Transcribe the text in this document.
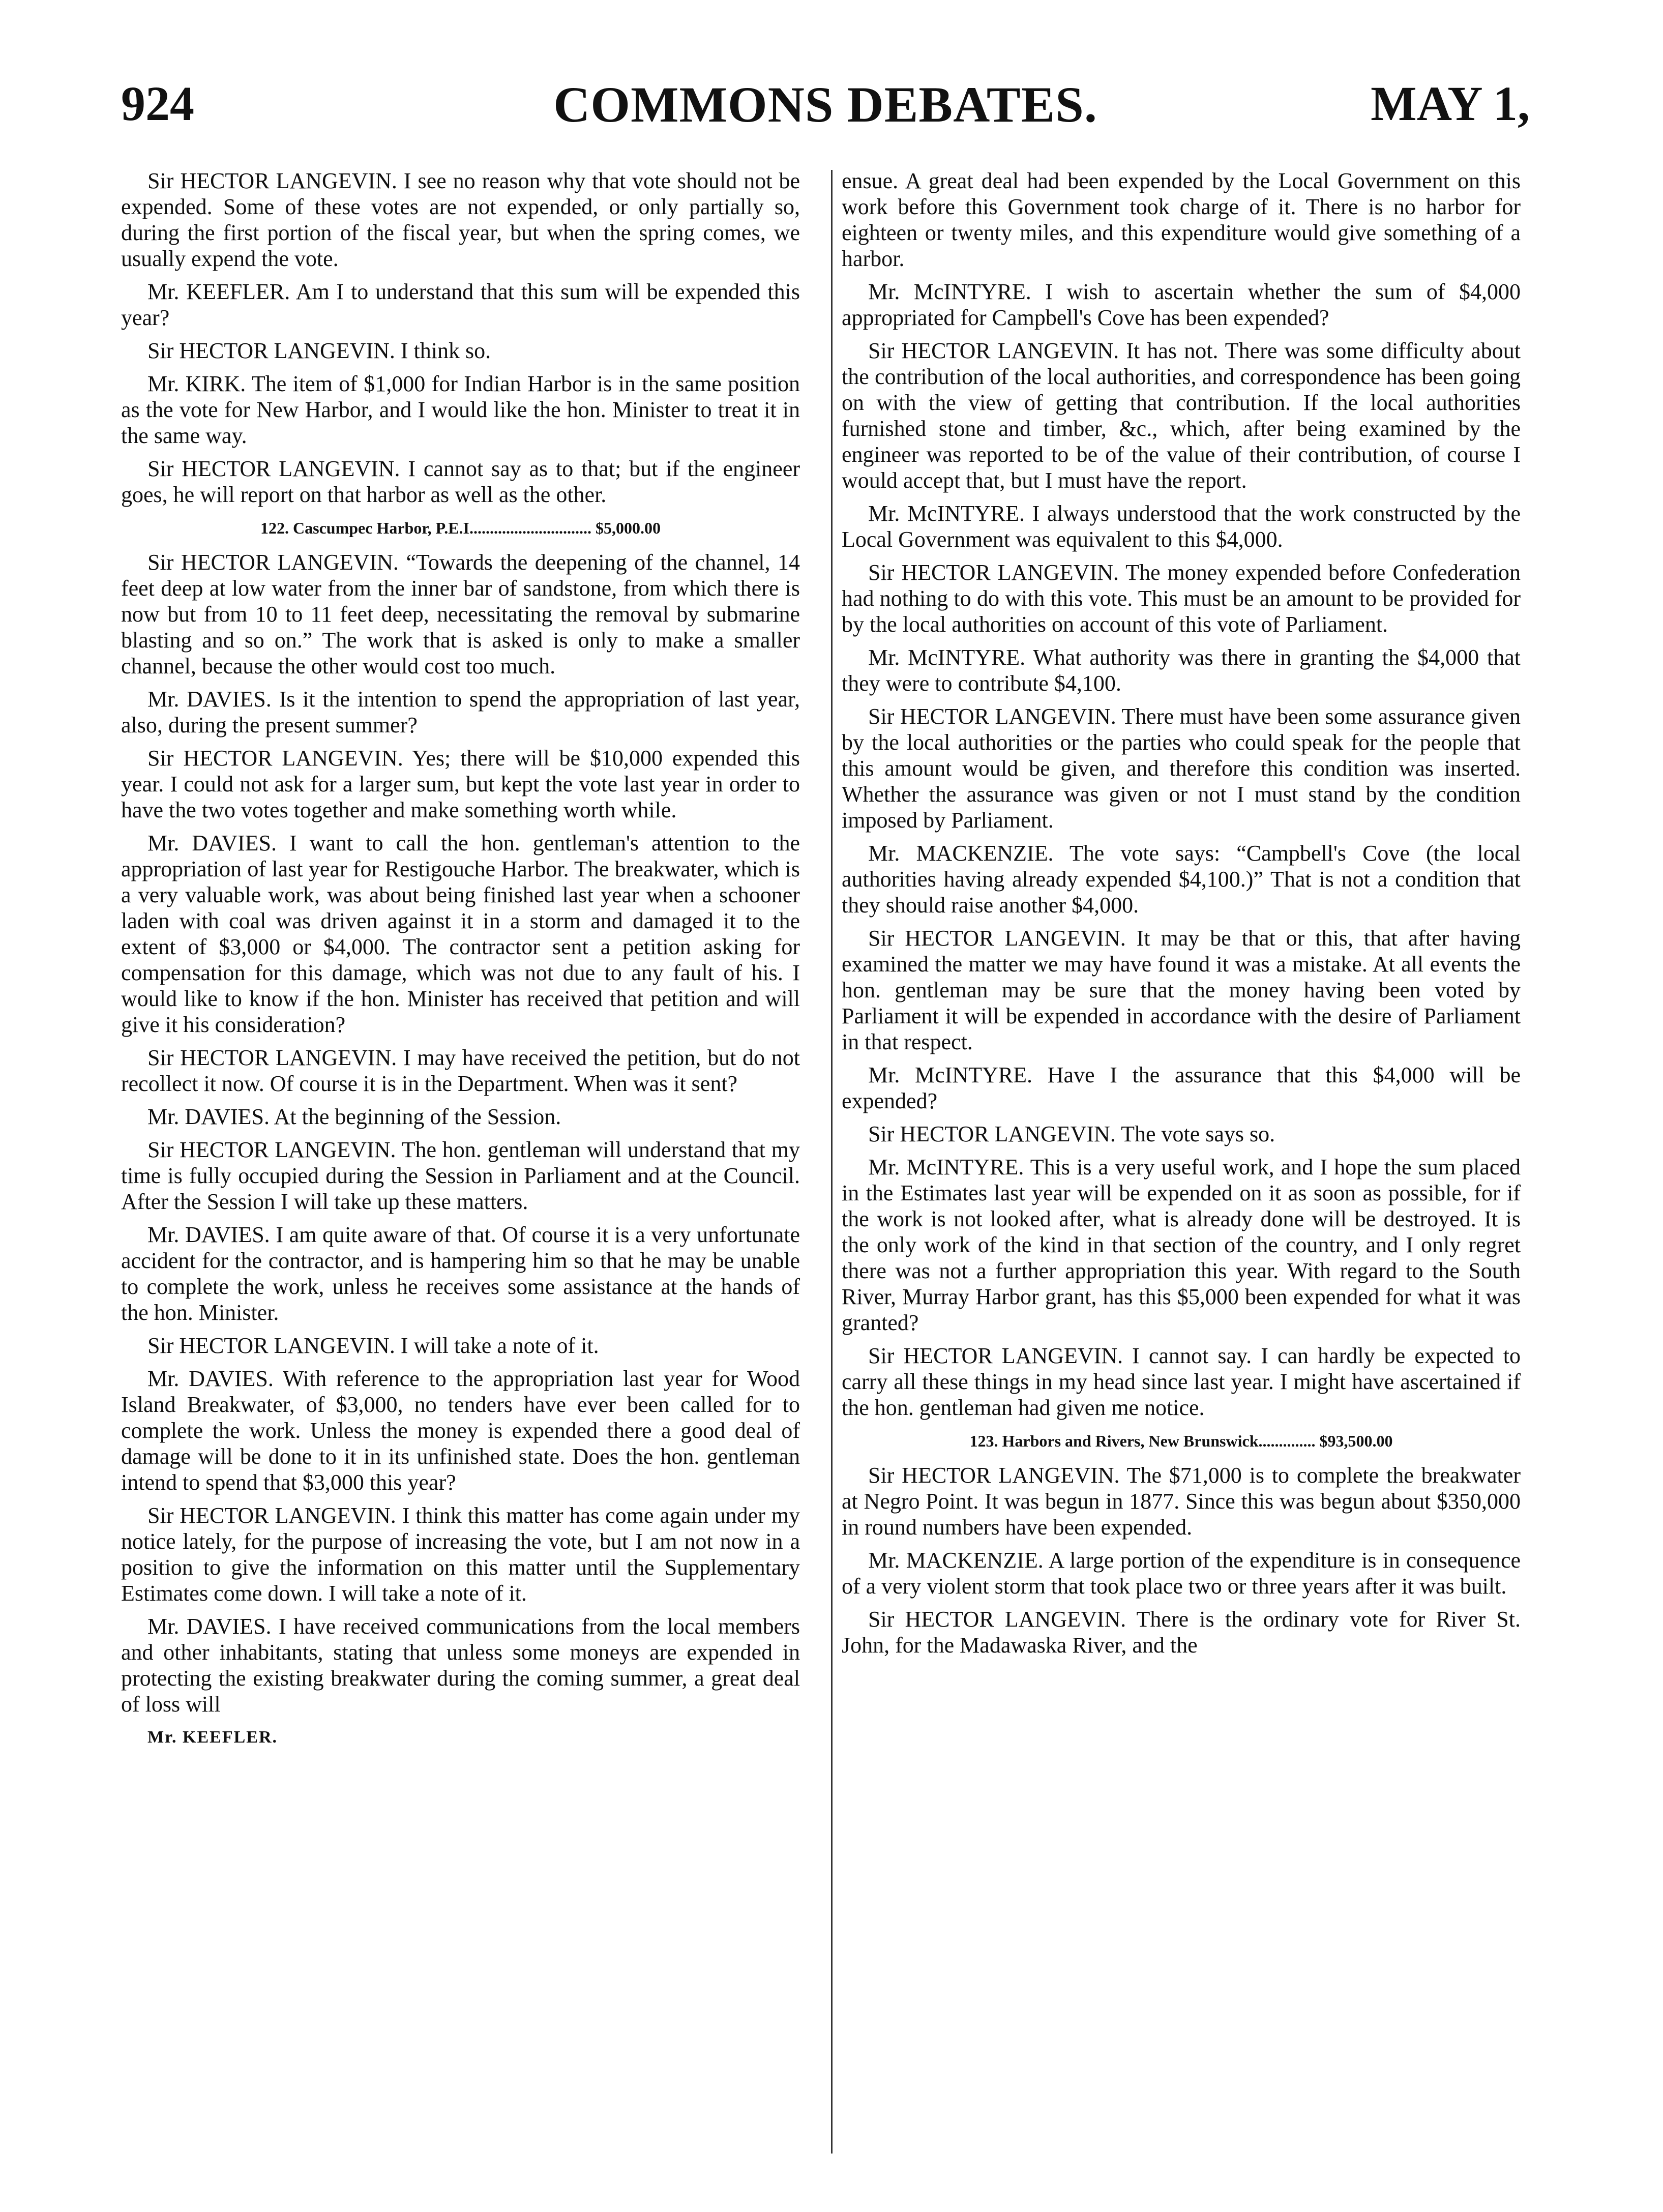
924	COMMONS DEBATES.	MAY 1,

Sir HECTOR LANGEVIN. I see no reason why that vote should not be expended. Some of these votes are not expended, or only partially so, during the first portion of the fiscal year, but when the spring comes, we usually expend the vote.

Mr. KEEFLER. Am I to understand that this sum will be expended this year?

Sir HECTOR LANGEVIN. I think so.

Mr. KIRK. The item of $1,000 for Indian Harbor is in the same position as the vote for New Harbor, and I would like the hon. Minister to treat it in the same way.

Sir HECTOR LANGEVIN. I cannot say as to that; but if the engineer goes, he will report on that harbor as well as the other.

122. Cascumpec Harbor, P.E.I.............................. $5,000.00

Sir HECTOR LANGEVIN. “Towards the deepening of the channel, 14 feet deep at low water from the inner bar of sandstone, from which there is now but from 10 to 11 feet deep, necessitating the removal by submarine blasting and so on.” The work that is asked is only to make a smaller channel, because the other would cost too much.

Mr. DAVIES. Is it the intention to spend the appropriation of last year, also, during the present summer?

Sir HECTOR LANGEVIN. Yes; there will be $10,000 expended this year. I could not ask for a larger sum, but kept the vote last year in order to have the two votes together and make something worth while.

Mr. DAVIES. I want to call the hon. gentleman's attention to the appropriation of last year for Restigouche Harbor. The breakwater, which is a very valuable work, was about being finished last year when a schooner laden with coal was driven against it in a storm and damaged it to the extent of $3,000 or $4,000. The contractor sent a petition asking for compensation for this damage, which was not due to any fault of his. I would like to know if the hon. Minister has received that petition and will give it his consideration?

Sir HECTOR LANGEVIN. I may have received the petition, but do not recollect it now. Of course it is in the Department. When was it sent?

Mr. DAVIES. At the beginning of the Session.

Sir HECTOR LANGEVIN. The hon. gentleman will understand that my time is fully occupied during the Session in Parliament and at the Council. After the Session I will take up these matters.

Mr. DAVIES. I am quite aware of that. Of course it is a very unfortunate accident for the contractor, and is hampering him so that he may be unable to complete the work, unless he receives some assistance at the hands of the hon. Minister.

Sir HECTOR LANGEVIN. I will take a note of it.

Mr. DAVIES. With reference to the appropriation last year for Wood Island Breakwater, of $3,000, no tenders have ever been called for to complete the work. Unless the money is expended there a good deal of damage will be done to it in its unfinished state. Does the hon. gentleman intend to spend that $3,000 this year?

Sir HECTOR LANGEVIN. I think this matter has come again under my notice lately, for the purpose of increasing the vote, but I am not now in a position to give the information on this matter until the Supplementary Estimates come down. I will take a note of it.

Mr. DAVIES. I have received communications from the local members and other inhabitants, stating that unless some moneys are expended in protecting the existing breakwater during the coming summer, a great deal of loss will

Mr. KEEFLER.

ensue. A great deal had been expended by the Local Government on this work before this Government took charge of it. There is no harbor for eighteen or twenty miles, and this expenditure would give something of a harbor.

Mr. McINTYRE. I wish to ascertain whether the sum of $4,000 appropriated for Campbell's Cove has been expended?

Sir HECTOR LANGEVIN. It has not. There was some difficulty about the contribution of the local authorities, and correspondence has been going on with the view of getting that contribution. If the local authorities furnished stone and timber, &c., which, after being examined by the engineer was reported to be of the value of their contribution, of course I would accept that, but I must have the report.

Mr. McINTYRE. I always understood that the work constructed by the Local Government was equivalent to this $4,000.

Sir HECTOR LANGEVIN. The money expended before Confederation had nothing to do with this vote. This must be an amount to be provided for by the local authorities on account of this vote of Parliament.

Mr. McINTYRE. What authority was there in granting the $4,000 that they were to contribute $4,100.

Sir HECTOR LANGEVIN. There must have been some assurance given by the local authorities or the parties who could speak for the people that this amount would be given, and therefore this condition was inserted. Whether the assurance was given or not I must stand by the condition imposed by Parliament.

Mr. MACKENZIE. The vote says: “Campbell's Cove (the local authorities having already expended $4,100.)” That is not a condition that they should raise another $4,000.

Sir HECTOR LANGEVIN. It may be that or this, that after having examined the matter we may have found it was a mistake. At all events the hon. gentleman may be sure that the money having been voted by Parliament it will be expended in accordance with the desire of Parliament in that respect.

Mr. McINTYRE. Have I the assurance that this $4,000 will be expended?

Sir HECTOR LANGEVIN. The vote says so.

Mr. McINTYRE. This is a very useful work, and I hope the sum placed in the Estimates last year will be expended on it as soon as possible, for if the work is not looked after, what is already done will be destroyed. It is the only work of the kind in that section of the country, and I only regret there was not a further appropriation this year. With regard to the South River, Murray Harbor grant, has this $5,000 been expended for what it was granted?

Sir HECTOR LANGEVIN. I cannot say. I can hardly be expected to carry all these things in my head since last year. I might have ascertained if the hon. gentleman had given me notice.

123. Harbors and Rivers, New Brunswick.............. $93,500.00

Sir HECTOR LANGEVIN. The $71,000 is to complete the breakwater at Negro Point. It was begun in 1877. Since this was begun about $350,000 in round numbers have been expended.

Mr. MACKENZIE. A large portion of the expenditure is in consequence of a very violent storm that took place two or three years after it was built.

Sir HECTOR LANGEVIN. There is the ordinary vote for River St. John, for the Madawaska River, and the
